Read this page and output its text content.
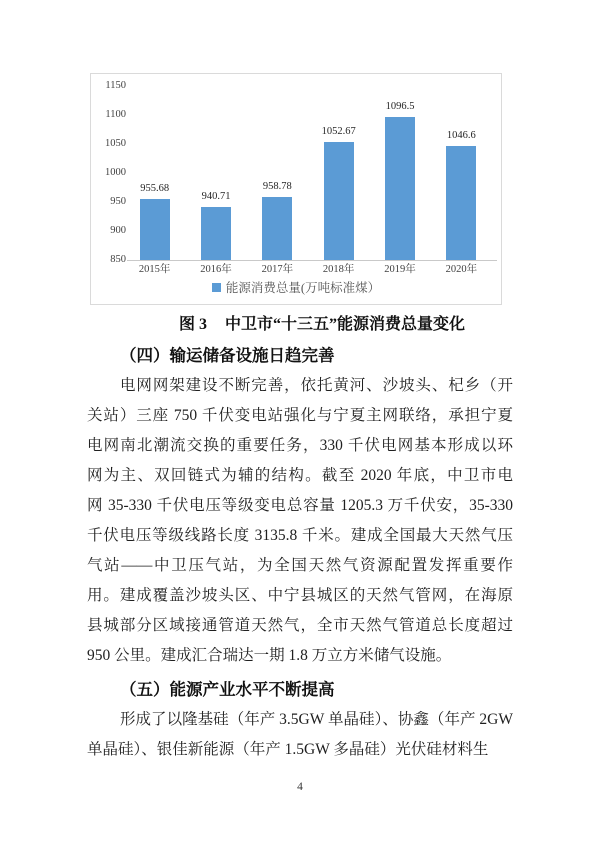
850
900
950
1000
1050
1100
1150
955.68
2015年
940.71
2016年
958.78
2017年
1052.67
2018年
1096.5
2019年
1046.6
2020年
能源消费总量(万吨标准煤）
图 3 中卫市“十三五”能源消费总量变化
（四）输运储备设施日趋完善
电网网架建设不断完善，依托黄河、沙坡头、杞乡（开
关站）三座 750 千伏变电站强化与宁夏主网联络，承担宁夏
电网南北潮流交换的重要任务，330 千伏电网基本形成以环
网为主、双回链式为辅的结构。截至 2020 年底，中卫市电
网 35-330 千伏电压等级变电总容量 1205.3 万千伏安，35-330
千伏电压等级线路长度 3135.8 千米。建成全国最大天然气压
气站——中卫压气站，为全国天然气资源配置发挥重要作
用。建成覆盖沙坡头区、中宁县城区的天然气管网，在海原
县城部分区域接通管道天然气，全市天然气管道总长度超过
950 公里。建成汇合瑞达一期 1.8 万立方米储气设施。
（五）能源产业水平不断提高
形成了以隆基硅（年产 3.5GW 单晶硅）、协鑫（年产 2GW
单晶硅）、银佳新能源（年产 1.5GW 多晶硅）光伏硅材料生
4
